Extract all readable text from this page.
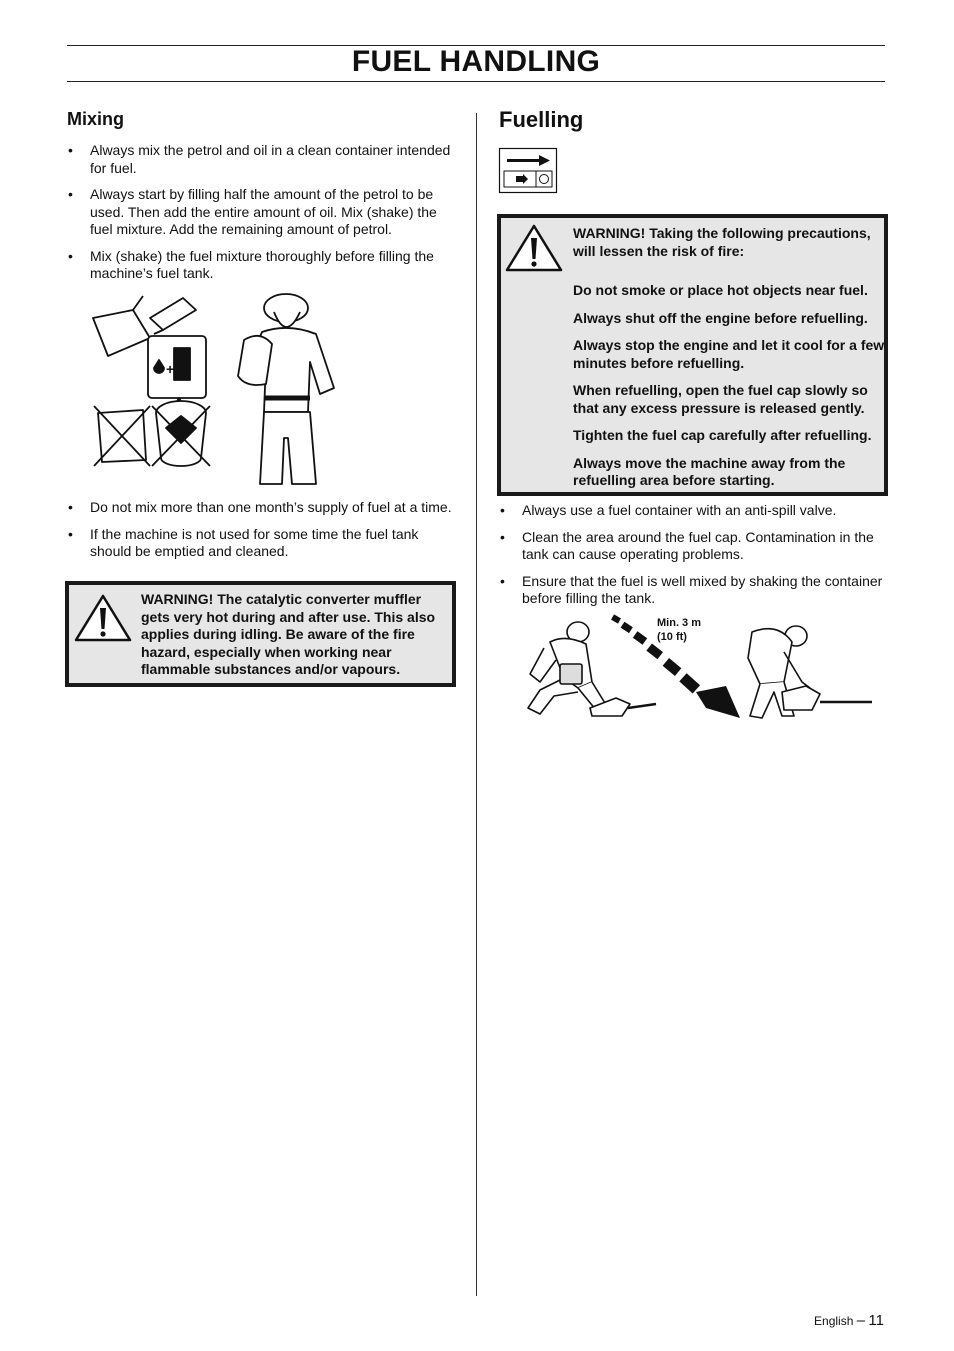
FUEL HANDLING
Mixing
• Always mix the petrol and oil in a clean container intended for fuel.
• Always start by filling half the amount of the petrol to be used. Then add the entire amount of oil. Mix (shake) the fuel mixture. Add the remaining amount of petrol.
• Mix (shake) the fuel mixture thoroughly before filling the machine’s fuel tank.
+
• Do not mix more than one month’s supply of fuel at a time.
• If the machine is not used for some time the fuel tank should be emptied and cleaned.
WARNING! The catalytic converter muffler gets very hot during and after use. This also applies during idling. Be aware of the fire hazard, especially when working near flammable substances and/or vapours.
Fuelling

WARNING! Taking the following precautions, will lessen the risk of fire:

Do not smoke or place hot objects near fuel.

Always shut off the engine before refuelling.

Always stop the engine and let it cool for a few minutes before refuelling.

When refuelling, open the fuel cap slowly so that any excess pressure is released gently.

Tighten the fuel cap carefully after refuelling.

Always move the machine away from the refuelling area before starting.

• Always use a fuel container with an anti-spill valve.
• Clean the area around the fuel cap. Contamination in the tank can cause operating problems.
• Ensure that the fuel is well mixed by shaking the container before filling the tank.
Min. 3 m
(10 ft)
English – 11
